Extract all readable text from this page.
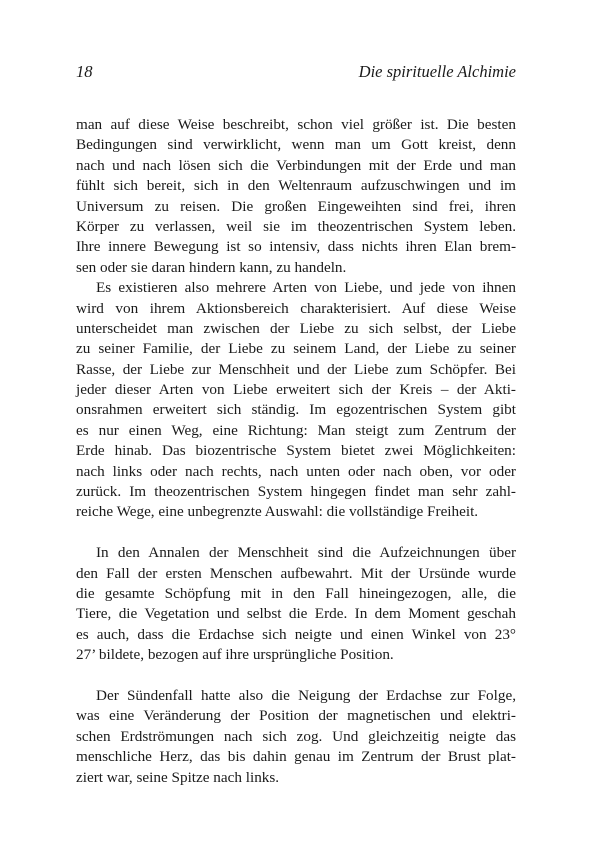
18	Die spirituelle Alchimie
man auf diese Weise beschreibt, schon viel größer ist. Die besten
Bedingungen sind verwirklicht, wenn man um Gott kreist, denn
nach und nach lösen sich die Verbindungen mit der Erde und man
fühlt sich bereit, sich in den Weltenraum aufzuschwingen und im
Universum zu reisen. Die großen Eingeweihten sind frei, ihren
Körper zu verlassen, weil sie im theozentrischen System leben.
Ihre innere Bewegung ist so intensiv, dass nichts ihren Elan brem-
sen oder sie daran hindern kann, zu handeln.
Es existieren also mehrere Arten von Liebe, und jede von ihnen
wird von ihrem Aktionsbereich charakterisiert. Auf diese Weise
unterscheidet man zwischen der Liebe zu sich selbst, der Liebe
zu seiner Familie, der Liebe zu seinem Land, der Liebe zu seiner
Rasse, der Liebe zur Menschheit und der Liebe zum Schöpfer. Bei
jeder dieser Arten von Liebe erweitert sich der Kreis – der Akti-
onsrahmen erweitert sich ständig. Im egozentrischen System gibt
es nur einen Weg, eine Richtung: Man steigt zum Zentrum der
Erde hinab. Das biozentrische System bietet zwei Möglichkeiten:
nach links oder nach rechts, nach unten oder nach oben, vor oder
zurück. Im theozentrischen System hingegen findet man sehr zahl-
reiche Wege, eine unbegrenzte Auswahl: die vollständige Freiheit.
In den Annalen der Menschheit sind die Aufzeichnungen über
den Fall der ersten Menschen aufbewahrt. Mit der Ursünde wurde
die gesamte Schöpfung mit in den Fall hineingezogen, alle, die
Tiere, die Vegetation und selbst die Erde. In dem Moment geschah
es auch, dass die Erdachse sich neigte und einen Winkel von 23°
27’ bildete, bezogen auf ihre ursprüngliche Position.
Der Sündenfall hatte also die Neigung der Erdachse zur Folge,
was eine Veränderung der Position der magnetischen und elektri-
schen Erdströmungen nach sich zog. Und gleichzeitig neigte das
menschliche Herz, das bis dahin genau im Zentrum der Brust plat-
ziert war, seine Spitze nach links.
